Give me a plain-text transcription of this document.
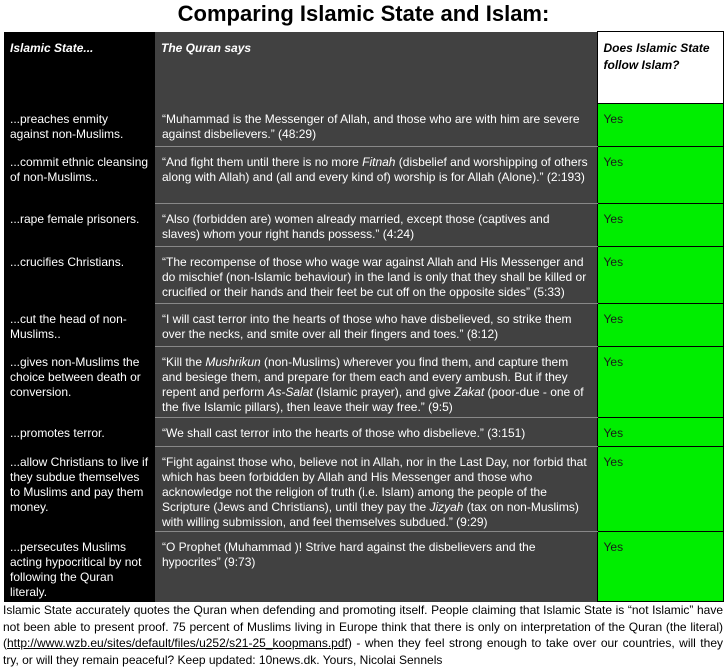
Comparing Islamic State and Islam:
Islamic State...	The Quran says	Does Islamic State follow Islam?

...preaches enmity against non-Muslims.	“Muhammad is the Messenger of Allah, and those who are with him are severe against disbelievers.” (48:29)	Yes

...commit ethnic cleansing of non-Muslims..	“And fight them until there is no more Fitnah (disbelief and worshipping of others along with Allah) and (all and every kind of) worship is for Allah (Alone).” (2:193)	Yes

...rape female prisoners.	“Also (forbidden are) women already married, except those (captives and slaves) whom your right hands possess.” (4:24)	Yes

...crucifies Christians.	“The recompense of those who wage war against Allah and His Messenger and do mischief (non-Islamic behaviour) in the land is only that they shall be killed or crucified or their hands and their feet be cut off on the opposite sides” (5:33)	Yes

...cut the head of non-Muslims..	“I will cast terror into the hearts of those who have disbelieved, so strike them over the necks, and smite over all their fingers and toes.” (8:12)	Yes

...gives non-Muslims the choice between death or conversion.	“Kill the Mushrikun (non-Muslims) wherever you find them, and capture them and besiege them, and prepare for them each and every ambush. But if they repent and perform As-Salat (Islamic prayer), and give Zakat (poor-due - one of the five Islamic pillars), then leave their way free.” (9:5)	Yes

...promotes terror.	“We shall cast terror into the hearts of those who disbelieve.” (3:151)	Yes

...allow Christians to live if they subdue themselves to Muslims and pay them money.	“Fight against those who, believe not in Allah, nor in the Last Day, nor forbid that which has been forbidden by Allah and His Messenger and those who acknowledge not the religion of truth (i.e. Islam) among the people of the Scripture (Jews and Christians), until they pay the Jizyah (tax on non-Muslims) with willing submission, and feel themselves subdued.” (9:29)	Yes

...persecutes Muslims acting hypocritical by not following the Quran literaly.	“O Prophet (Muhammad )! Strive hard against the disbelievers and the hypocrites” (9:73)	Yes
Islamic State accurately quotes the Quran when defending and promoting itself. People claiming that Islamic State is “not Islamic” have not been able to present proof. 75 percent of Muslims living in Europe think that there is only on interpretation of the Quran (the literal) (http://www.wzb.eu/sites/default/files/u252/s21-25_koopmans.pdf) - when they feel strong enough to take over our countries, will they try, or will they remain peaceful? Keep updated: 10news.dk. Yours, Nicolai Sennels
